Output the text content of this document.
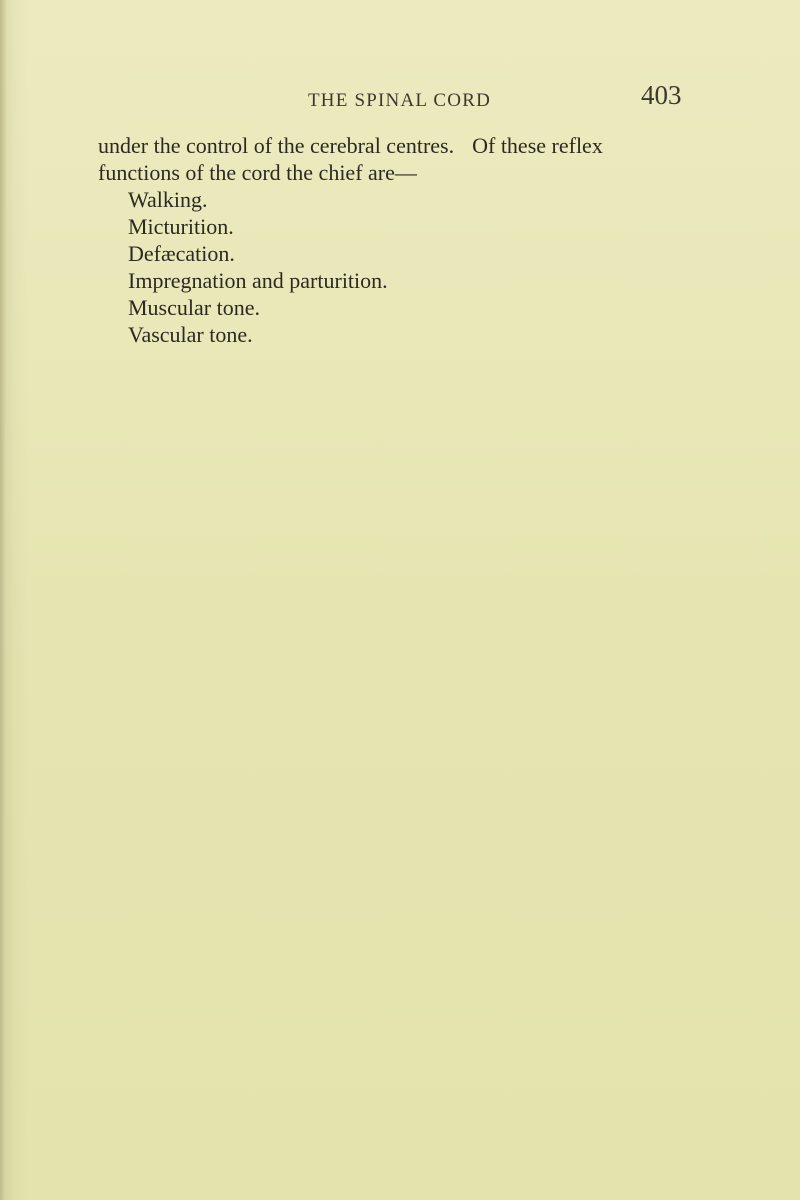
THE SPINAL CORD	403

under the control of the cerebral centres. Of these reflex

functions of the cord the chief are—

Walking.
Micturition.
Defæcation.
Impregnation and parturition.
Muscular tone.
Vascular tone.
